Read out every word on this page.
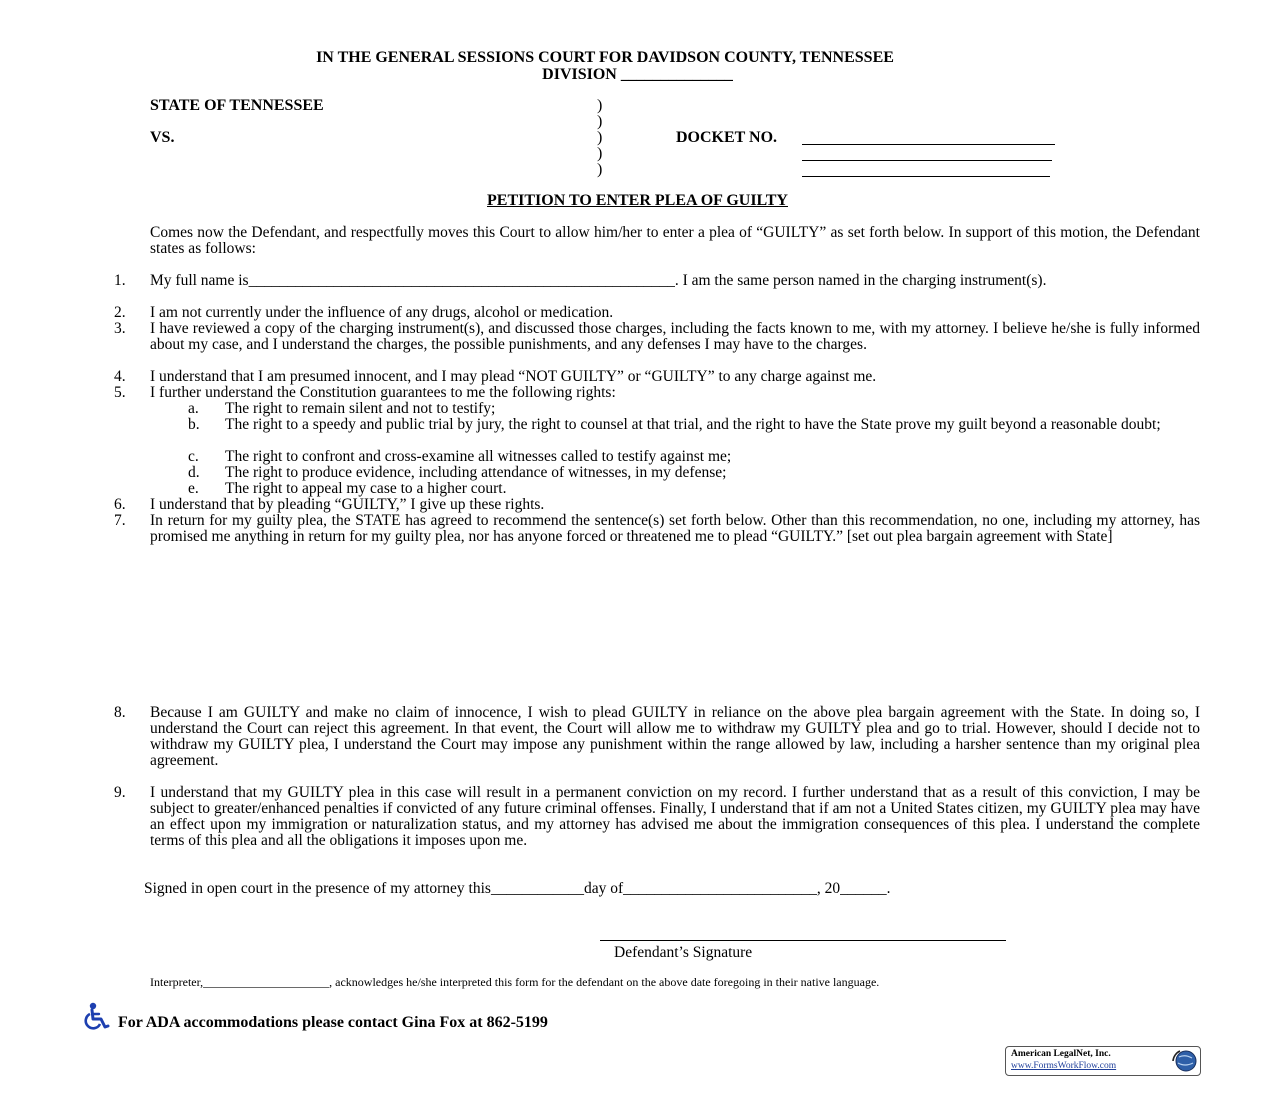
IN THE GENERAL SESSIONS COURT FOR DAVIDSON COUNTY, TENNESSEE
DIVISION ______________
STATE OF TENNESSEE
VS.
)
)
)
)
)
DOCKET NO.
PETITION TO ENTER PLEA OF GUILTY
Comes now the Defendant, and respectfully moves this Court to allow him/her to enter a plea of “GUILTY” as set forth below. In support of this motion, the Defendant states as follows:
1.	My full name is_______________________________________________________. I am the same person named in the charging instrument(s).
2.	I am not currently under the influence of any drugs, alcohol or medication.
3.	I have reviewed a copy of the charging instrument(s), and discussed those charges, including the facts known to me, with my attorney. I believe he/she is fully informed about my case, and I understand the charges, the possible punishments, and any defenses I may have to the charges.
4.	I understand that I am presumed innocent, and I may plead “NOT GUILTY” or “GUILTY” to any charge against me.
5.	I further understand the Constitution guarantees to me the following rights:
a.	The right to remain silent and not to testify;
b.	The right to a speedy and public trial by jury, the right to counsel at that trial, and the right to have the State prove my guilt beyond a reasonable doubt;
c.	The right to confront and cross-examine all witnesses called to testify against me;
d.	The right to produce evidence, including attendance of witnesses, in my defense;
e.	The right to appeal my case to a higher court.
6.	I understand that by pleading “GUILTY,” I give up these rights.
7.	In return for my guilty plea, the STATE has agreed to recommend the sentence(s) set forth below. Other than this recommendation, no one, including my attorney, has promised me anything in return for my guilty plea, nor has anyone forced or threatened me to plead “GUILTY.” [set out plea bargain agreement with State]
8.	Because I am GUILTY and make no claim of innocence, I wish to plead GUILTY in reliance on the above plea bargain agreement with the State. In doing so, I understand the Court can reject this agreement. In that event, the Court will allow me to withdraw my GUILTY plea and go to trial. However, should I decide not to withdraw my GUILTY plea, I understand the Court may impose any punishment within the range allowed by law, including a harsher sentence than my original plea agreement.
9.	I understand that my GUILTY plea in this case will result in a permanent conviction on my record. I further understand that as a result of this conviction, I may be subject to greater/enhanced penalties if convicted of any future criminal offenses. Finally, I understand that if am not a United States citizen, my GUILTY plea may have an effect upon my immigration or naturalization status, and my attorney has advised me about the immigration consequences of this plea. I understand the complete terms of this plea and all the obligations it imposes upon me.
Signed in open court in the presence of my attorney this____________day of_________________________, 20______.
Defendant’s Signature
Interpreter,_____________________, acknowledges he/she interpreted this form for the defendant on the above date foregoing in their native language.
For ADA accommodations please contact Gina Fox at 862-5199
American LegalNet, Inc.
www.FormsWorkFlow.com
